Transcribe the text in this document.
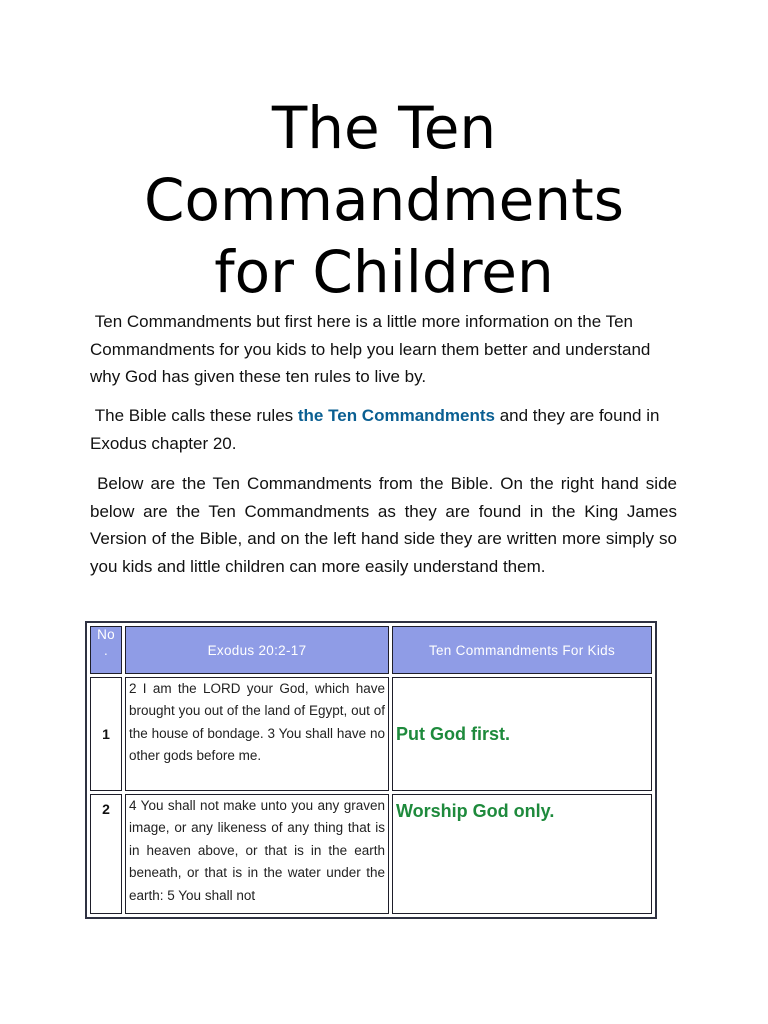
The Ten
Commandments
for Children

Ten Commandments but first here is a little more information on the Ten Commandments for you kids to help you learn them better and understand why God has given these ten rules to live by.

The Bible calls these rules the Ten Commandments and they are found in Exodus chapter 20.

Below are the Ten Commandments from the Bible. On the right hand side below are the Ten Commandments as they are found in the King James Version of the Bible, and on the left hand side they are written more simply so you kids and little children can more easily understand them.

No
.	Exodus 20:2-17	Ten Commandments For Kids
1	2 I am the LORD your God, which have brought you out of the land of Egypt, out of the house of bondage. 3 You shall have no other gods before me.	Put God first.
2	4 You shall not make unto you any graven image, or any likeness of any thing that is in heaven above, or that is in the earth beneath, or that is in the water under the earth: 5 You shall not	Worship God only.
